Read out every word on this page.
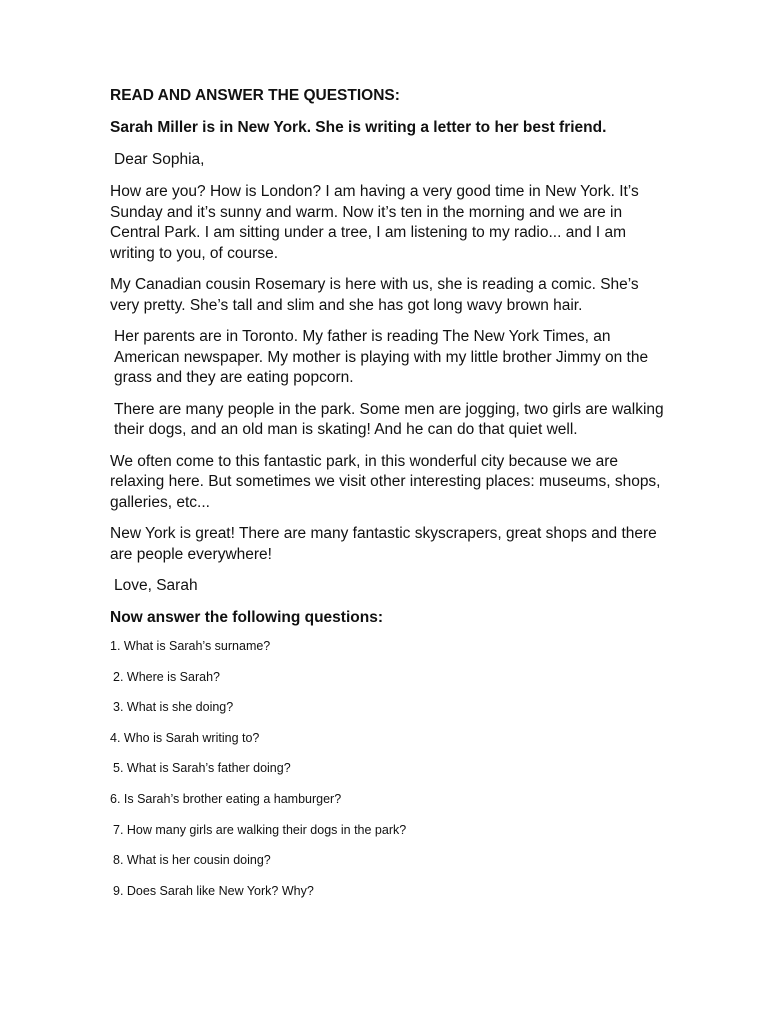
READ AND ANSWER THE QUESTIONS:
Sarah Miller is in New York. She is writing a letter to her best friend.
Dear Sophia,
How are you? How is London? I am having a very good time in New York. It’s Sunday and it’s sunny and warm. Now it’s ten in the morning and we are in Central Park. I am sitting under a tree, I am listening to my radio... and I am writing to you, of course.
My Canadian cousin Rosemary is here with us, she is reading a comic. She’s very pretty. She’s tall and slim and she has got long wavy brown hair.
Her parents are in Toronto. My father is reading The New York Times, an American newspaper. My mother is playing with my little brother Jimmy on the grass and they are eating popcorn.
There are many people in the park. Some men are jogging, two girls are walking their dogs, and an old man is skating! And he can do that quiet well.
We often come to this fantastic park, in this wonderful city because we are relaxing here. But sometimes we visit other interesting places: museums, shops, galleries, etc...
New York is great! There are many fantastic skyscrapers, great shops and there are people everywhere!
Love, Sarah
Now answer the following questions:
1. What is Sarah’s surname?
2. Where is Sarah?
3. What is she doing?
4. Who is Sarah writing to?
5. What is Sarah’s father doing?
6. Is Sarah’s brother eating a hamburger?
7. How many girls are walking their dogs in the park?
8. What is her cousin doing?
9. Does Sarah like New York? Why?
